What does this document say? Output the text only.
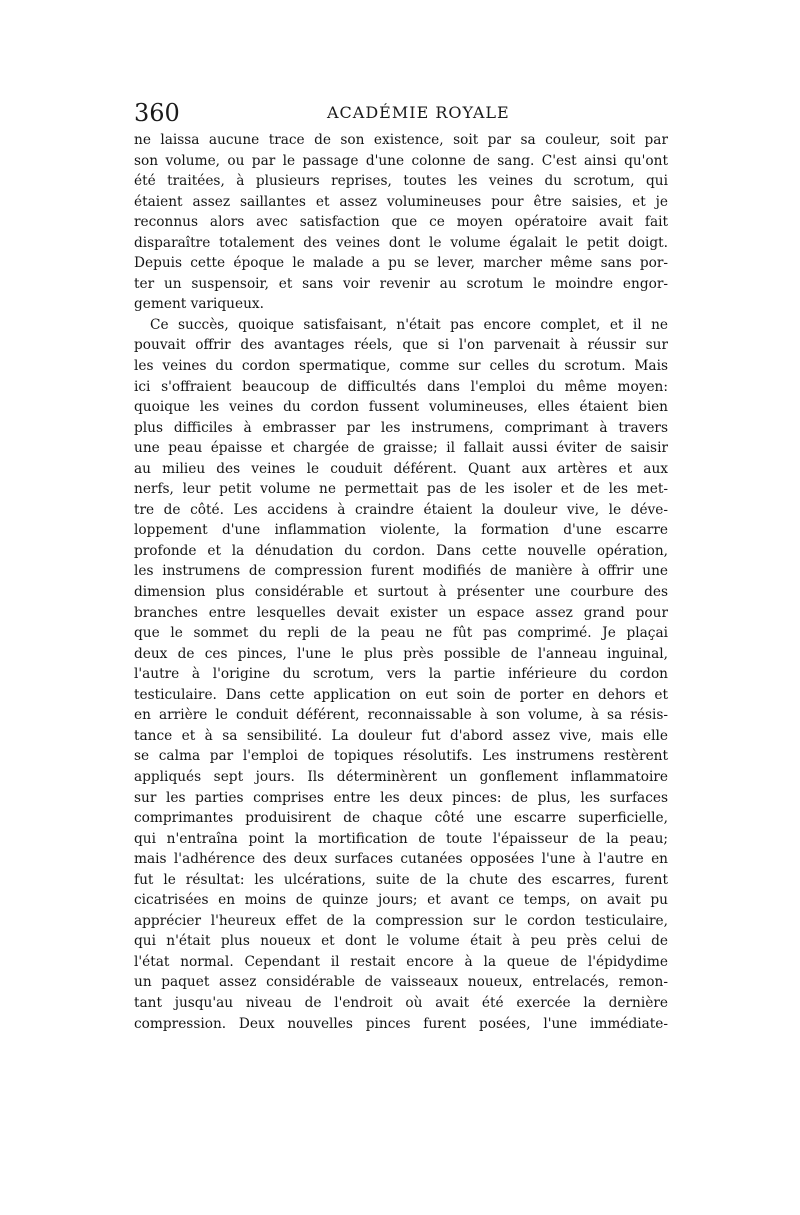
360	ACADÉMIE ROYALE
ne laissa aucune trace de son existence, soit par sa couleur, soit par
son volume, ou par le passage d'une colonne de sang. C'est ainsi qu'ont
été traitées, à plusieurs reprises, toutes les veines du scrotum, qui
étaient assez saillantes et assez volumineuses pour être saisies, et je
reconnus alors avec satisfaction que ce moyen opératoire avait fait
disparaître totalement des veines dont le volume égalait le petit doigt.
Depuis cette époque le malade a pu se lever, marcher même sans por-
ter un suspensoir, et sans voir revenir au scrotum le moindre engor-
gement variqueux.
Ce succès, quoique satisfaisant, n'était pas encore complet, et il ne
pouvait offrir des avantages réels, que si l'on parvenait à réussir sur
les veines du cordon spermatique, comme sur celles du scrotum. Mais
ici s'offraient beaucoup de difficultés dans l'emploi du même moyen:
quoique les veines du cordon fussent volumineuses, elles étaient bien
plus difficiles à embrasser par les instrumens, comprimant à travers
une peau épaisse et chargée de graisse; il fallait aussi éviter de saisir
au milieu des veines le couduit déférent. Quant aux artères et aux
nerfs, leur petit volume ne permettait pas de les isoler et de les met-
tre de côté. Les accidens à craindre étaient la douleur vive, le déve-
loppement d'une inflammation violente, la formation d'une escarre
profonde et la dénudation du cordon. Dans cette nouvelle opération,
les instrumens de compression furent modifiés de manière à offrir une
dimension plus considérable et surtout à présenter une courbure des
branches entre lesquelles devait exister un espace assez grand pour
que le sommet du repli de la peau ne fût pas comprimé. Je plaçai
deux de ces pinces, l'une le plus près possible de l'anneau inguinal,
l'autre à l'origine du scrotum, vers la partie inférieure du cordon
testiculaire. Dans cette application on eut soin de porter en dehors et
en arrière le conduit déférent, reconnaissable à son volume, à sa résis-
tance et à sa sensibilité. La douleur fut d'abord assez vive, mais elle
se calma par l'emploi de topiques résolutifs. Les instrumens restèrent
appliqués sept jours. Ils déterminèrent un gonflement inflammatoire
sur les parties comprises entre les deux pinces: de plus, les surfaces
comprimantes produisirent de chaque côté une escarre superficielle,
qui n'entraîna point la mortification de toute l'épaisseur de la peau;
mais l'adhérence des deux surfaces cutanées opposées l'une à l'autre en
fut le résultat: les ulcérations, suite de la chute des escarres, furent
cicatrisées en moins de quinze jours; et avant ce temps, on avait pu
apprécier l'heureux effet de la compression sur le cordon testiculaire,
qui n'était plus noueux et dont le volume était à peu près celui de
l'état normal. Cependant il restait encore à la queue de l'épidydime
un paquet assez considérable de vaisseaux noueux, entrelacés, remon-
tant jusqu'au niveau de l'endroit où avait été exercée la dernière
compression. Deux nouvelles pinces furent posées, l'une immédiate-
